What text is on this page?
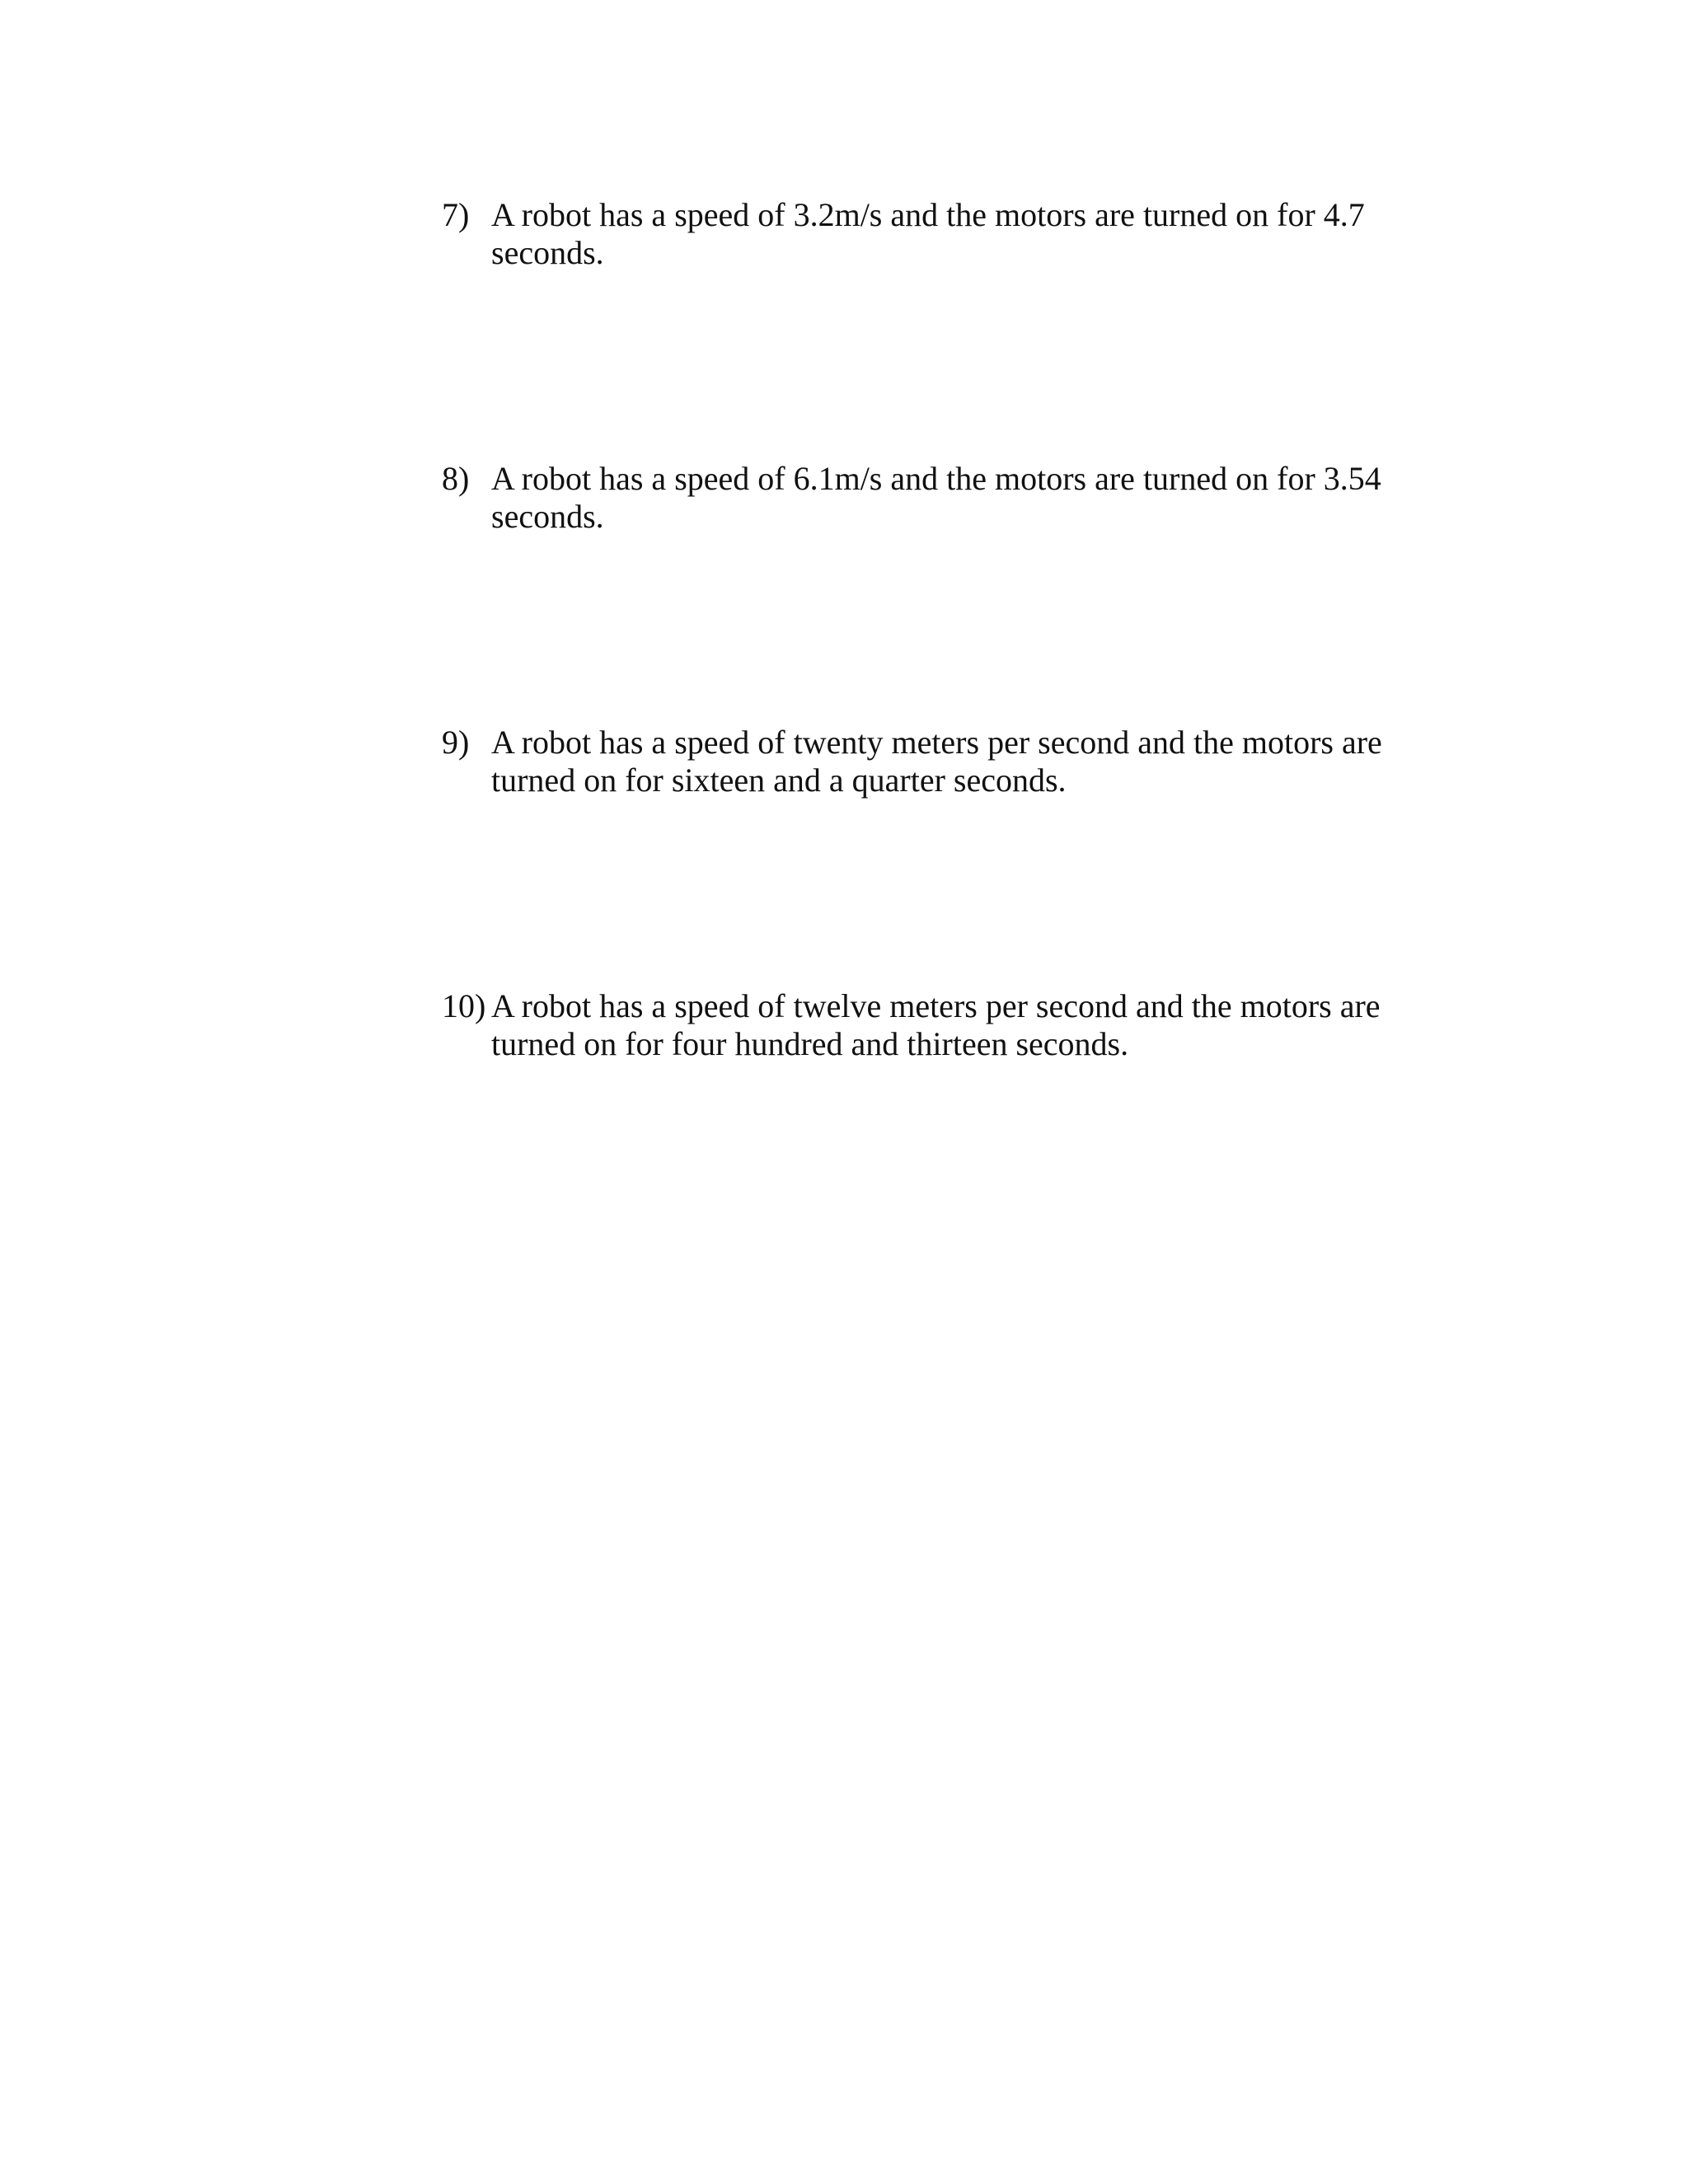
7) A robot has a speed of 3.2m/s and the motors are turned on for 4.7 seconds.
8) A robot has a speed of 6.1m/s and the motors are turned on for 3.54 seconds.
9) A robot has a speed of twenty meters per second and the motors are turned on for sixteen and a quarter seconds.
10) A robot has a speed of twelve meters per second and the motors are turned on for four hundred and thirteen seconds.
